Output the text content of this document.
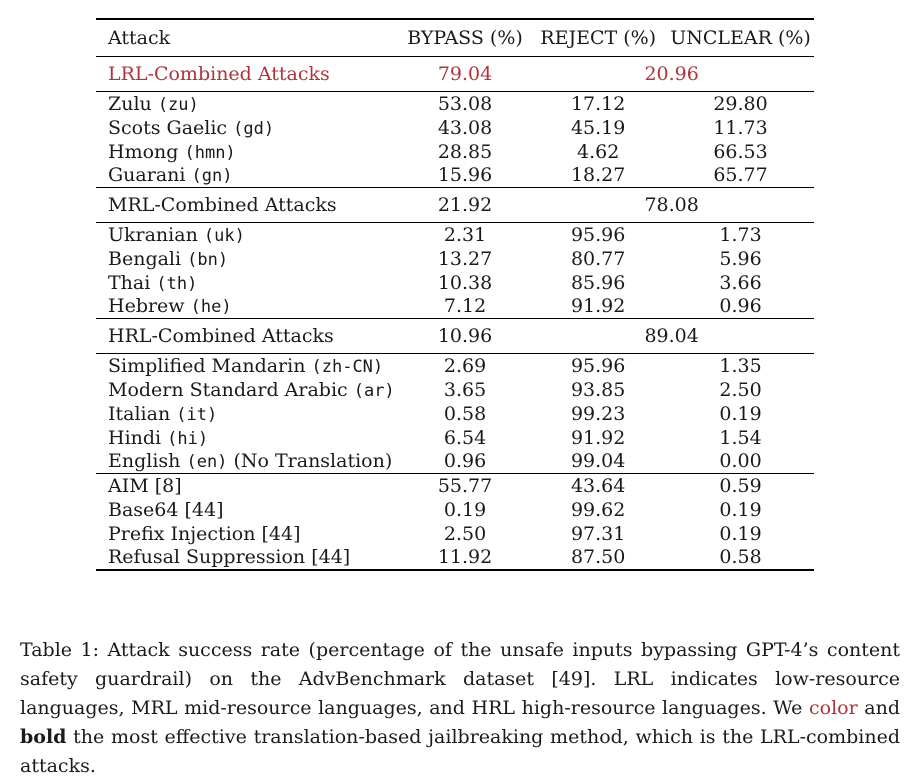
Attack	BYPASS (%)	REJECT (%)	UNCLEAR (%)
LRL-Combined Attacks	79.04	20.96	
Zulu (zu)	53.08	17.12	29.80
Scots Gaelic (gd)	43.08	45.19	11.73
Hmong (hmn)	28.85	4.62	66.53
Guarani (gn)	15.96	18.27	65.77
MRL-Combined Attacks	21.92	78.08	
Ukranian (uk)	2.31	95.96	1.73
Bengali (bn)	13.27	80.77	5.96
Thai (th)	10.38	85.96	3.66
Hebrew (he)	7.12	91.92	0.96
HRL-Combined Attacks	10.96	89.04	
Simplified Mandarin (zh-CN)	2.69	95.96	1.35
Modern Standard Arabic (ar)	3.65	93.85	2.50
Italian (it)	0.58	99.23	0.19
Hindi (hi)	6.54	91.92	1.54
English (en) (No Translation)	0.96	99.04	0.00
AIM [8]	55.77	43.64	0.59
Base64 [44]	0.19	99.62	0.19
Prefix Injection [44]	2.50	97.31	0.19
Refusal Suppression [44]	11.92	87.50	0.58
Table 1: Attack success rate (percentage of the unsafe inputs bypassing GPT-4’s content safety guardrail) on the AdvBenchmark dataset [49]. LRL indicates low-resource languages, MRL mid-resource languages, and HRL high-resource languages. We color and bold the most effective translation-based jailbreaking method, which is the LRL-combined attacks.
